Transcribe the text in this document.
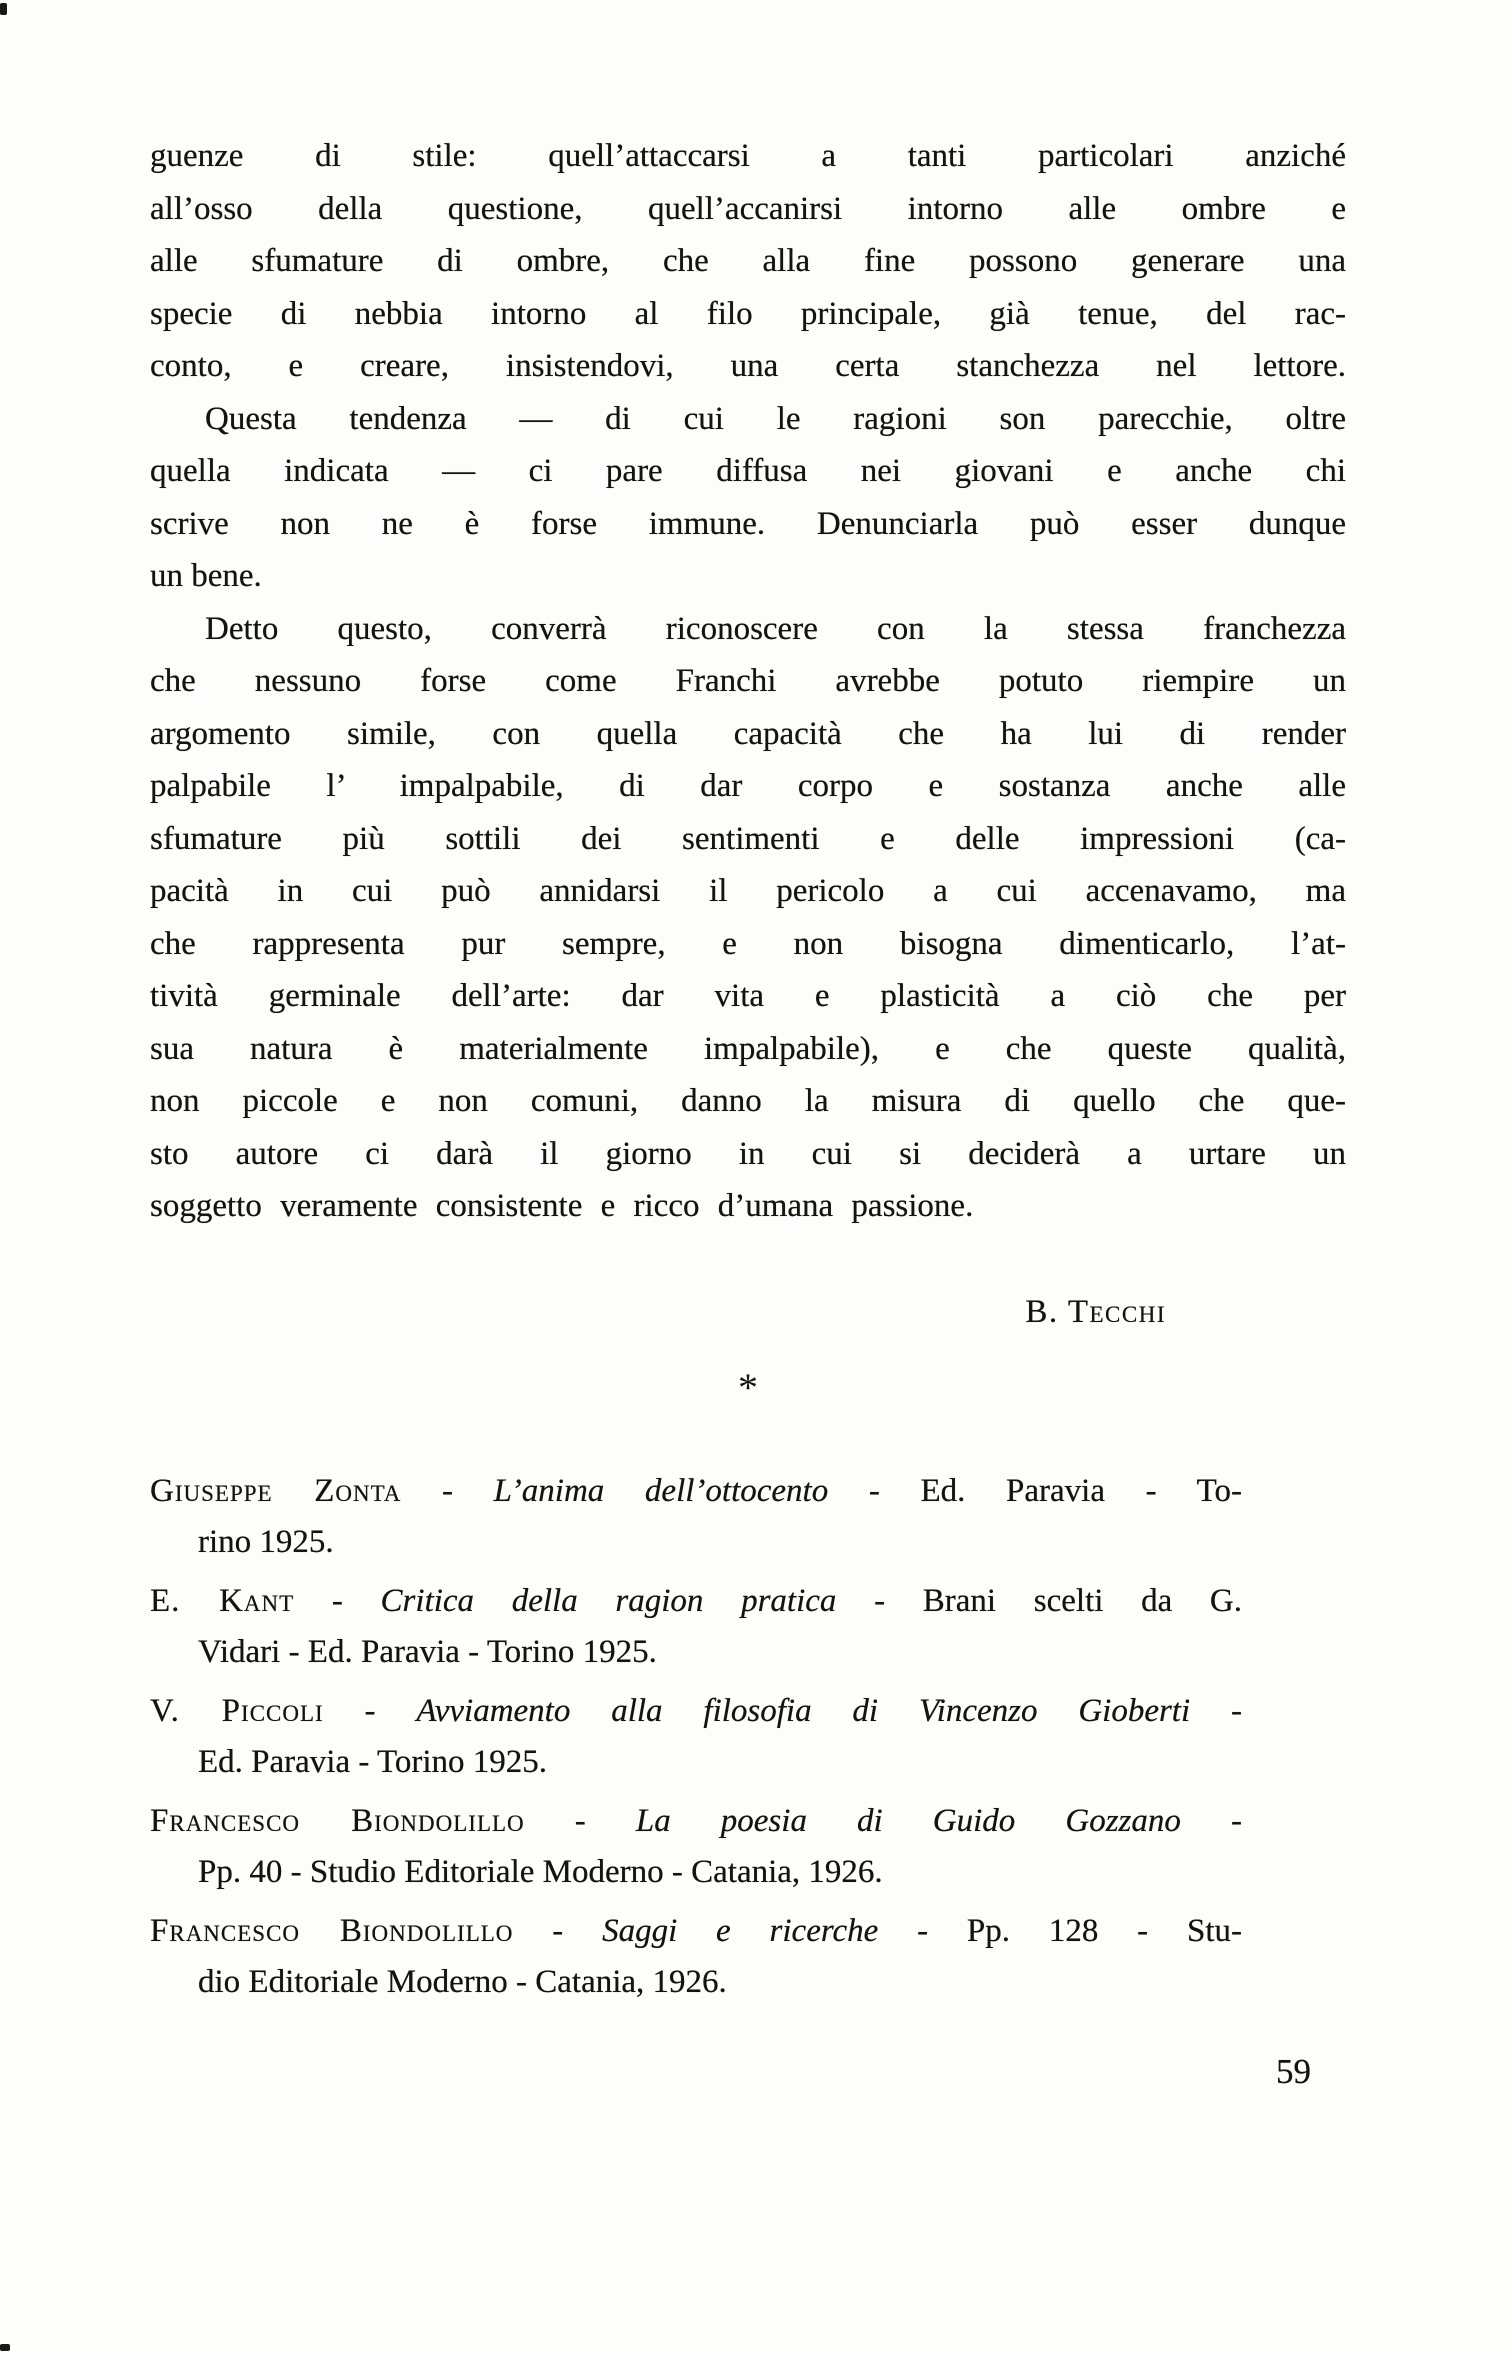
guenze di stile: quell’attaccarsi a tanti particolari anziché
all’osso della questione, quell’accanirsi intorno alle ombre e
alle sfumature di ombre, che alla fine possono generare una
specie di nebbia intorno al filo principale, già tenue, del rac-
conto, e creare, insistendovi, una certa stanchezza nel lettore.
Questa tendenza — di cui le ragioni son parecchie, oltre
quella indicata — ci pare diffusa nei giovani e anche chi
scrive non ne è forse immune. Denunciarla può esser dunque
un bene.
Detto questo, converrà riconoscere con la stessa franchezza
che nessuno forse come Franchi avrebbe potuto riempire un
argomento simile, con quella capacità che ha lui di render
palpabile l’ impalpabile, di dar corpo e sostanza anche alle
sfumature più sottili dei sentimenti e delle impressioni (ca-
pacità in cui può annidarsi il pericolo a cui accenavamo, ma
che rappresenta pur sempre, e non bisogna dimenticarlo, l’at-
tività germinale dell’arte: dar vita e plasticità a ciò che per
sua natura è materialmente impalpabile), e che queste qualità,
non piccole e non comuni, danno la misura di quello che que-
sto autore ci darà il giorno in cui si deciderà a urtare un
soggetto veramente consistente e ricco d’umana passione.
B. Tecchi
*
Giuseppe Zonta - L’anima dell’ottocento - Ed. Paravia - To-
rino 1925.
E. Kant - Critica della ragion pratica - Brani scelti da G.
Vidari - Ed. Paravia - Torino 1925.
V. Piccoli - Avviamento alla filosofia di Vincenzo Gioberti -
Ed. Paravia - Torino 1925.
Francesco Biondolillo - La poesia di Guido Gozzano -
Pp. 40 - Studio Editoriale Moderno - Catania, 1926.
Francesco Biondolillo - Saggi e ricerche - Pp. 128 - Stu-
dio Editoriale Moderno - Catania, 1926.
59
